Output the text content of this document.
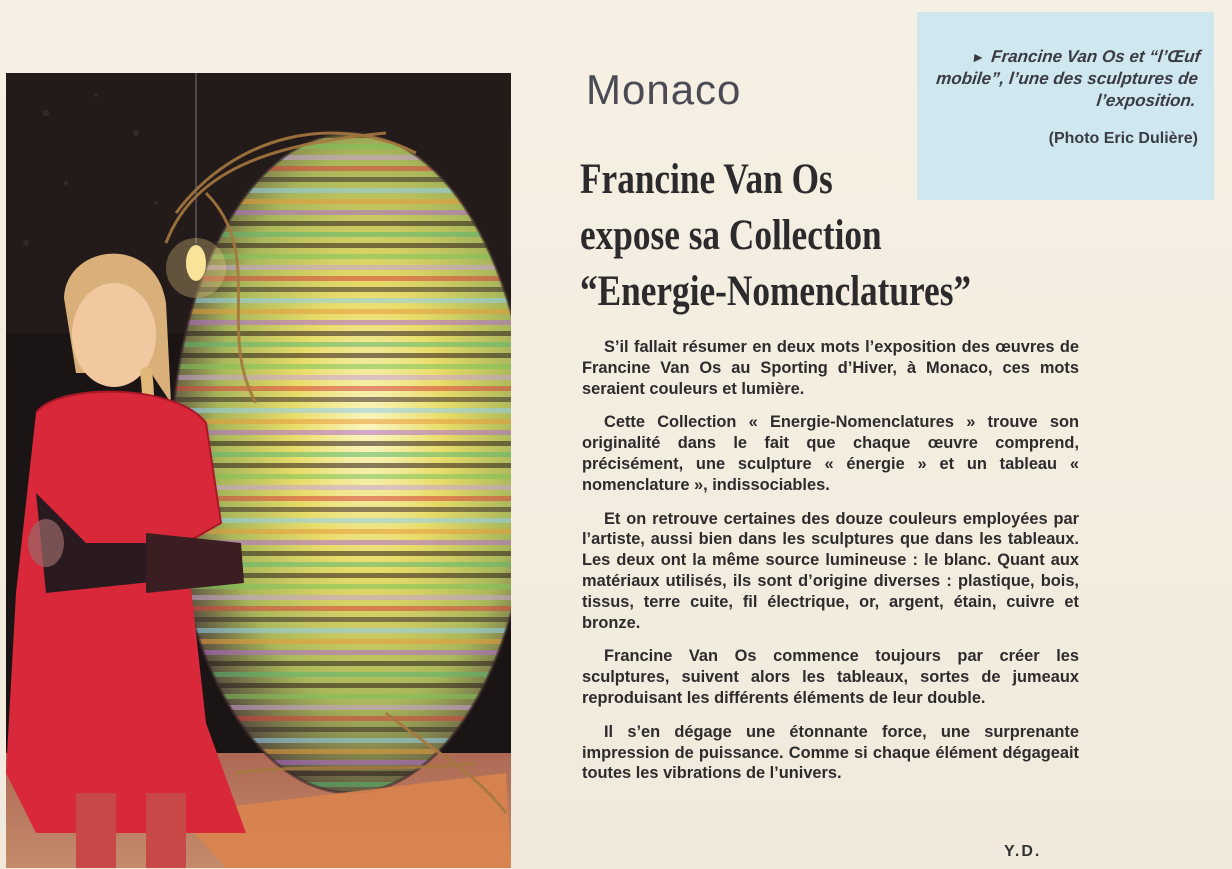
► Francine Van Os et “l’Œuf mobile”, l’une des sculptures de l’exposition.
(Photo Eric Dulière)
Monaco
Francine Van Os
expose sa Collection
“Energie-Nomenclatures”

S’il fallait résumer en deux mots l’exposition des œuvres de Francine Van Os au Sporting d’Hiver, à Monaco, ces mots seraient couleurs et lumière.

Cette Collection « Energie-Nomenclatures » trouve son originalité dans le fait que chaque œuvre comprend, précisément, une sculpture « énergie » et un tableau « nomenclature », indissociables.

Et on retrouve certaines des douze couleurs employées par l’artiste, aussi bien dans les sculptures que dans les tableaux. Les deux ont la même source lumineuse : le blanc. Quant aux matériaux utilisés, ils sont d’origine diverses : plastique, bois, tissus, terre cuite, fil électrique, or, argent, étain, cuivre et bronze.

Francine Van Os commence toujours par créer les sculptures, suivent alors les tableaux, sortes de jumeaux reproduisant les différents éléments de leur double.

Il s’en dégage une étonnante force, une surprenante impression de puissance. Comme si chaque élément dégageait toutes les vibrations de l’univers.

Y.D.
